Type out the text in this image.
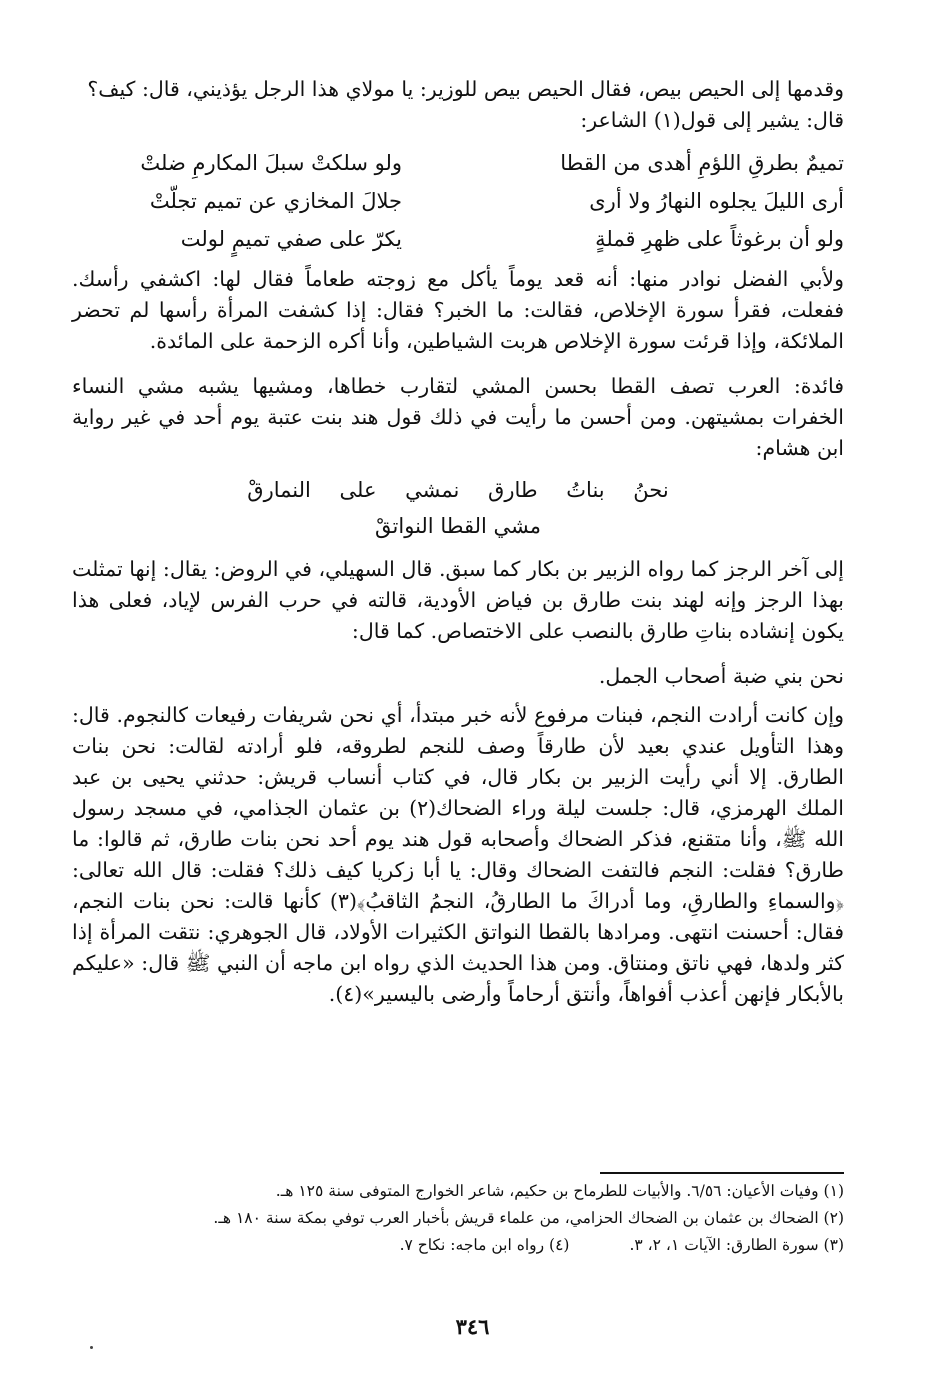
وقدمها إلى الحيص بيص، فقال الحيص بيص للوزير: يا مولاي هذا الرجل يؤذيني، قال: كيف؟

قال: يشير إلى قول(١) الشاعر:

تميمٌ بطرقِ اللؤمِ أهدى من القطا
ولو سلكتْ سبلَ المكارمِ ضلتْ
أرى الليلَ يجلوه النهارُ ولا أرى
جلالَ المخازي عن تميم تجلّتْ
ولو أن برغوثاً على ظهرِ قملةٍ
يكرّ على صفي تميمٍ لولت

ولأبي الفضل نوادر منها: أنه قعد يوماً يأكل مع زوجته طعاماً فقال لها: اكشفي رأسك. ففعلت، فقرأ سورة الإخلاص، فقالت: ما الخبر؟ فقال: إذا كشفت المرأة رأسها لم تحضر الملائكة، وإذا قرئت سورة الإخلاص هربت الشياطين، وأنا أكره الزحمة على المائدة.

فائدة: العرب تصف القطا بحسن المشي لتقارب خطاها، ومشيها يشبه مشي النساء الخفرات بمشيتهن. ومن أحسن ما رأيت في ذلك قول هند بنت عتبة يوم أحد في غير رواية ابن هشام:

نحنُ بناتُ طارق نمشي على النمارقْ
مشي القطا النواتقْ

إلى آخر الرجز كما رواه الزبير بن بكار كما سبق. قال السهيلي، في الروض: يقال: إنها تمثلت بهذا الرجز وإنه لهند بنت طارق بن فياض الأودية، قالته في حرب الفرس لإياد، فعلى هذا يكون إنشاده بناتِ طارق بالنصب على الاختصاص. كما قال:

نحن بني ضبة أصحاب الجمل.

وإن كانت أرادت النجم، فبنات مرفوع لأنه خبر مبتدأ، أي نحن شريفات رفيعات كالنجوم. قال: وهذا التأويل عندي بعيد لأن طارقاً وصف للنجم لطروقه، فلو أرادته لقالت: نحن بنات الطارق. إلا أني رأيت الزبير بن بكار قال، في كتاب أنساب قريش: حدثني يحيى بن عبد الملك الهرمزي، قال: جلست ليلة وراء الضحاك(٢) بن عثمان الجذامي، في مسجد رسول الله ﷺ، وأنا متقنع، فذكر الضحاك وأصحابه قول هند يوم أحد نحن بنات طارق، ثم قالوا: ما طارق؟ فقلت: النجم فالتفت الضحاك وقال: يا أبا زكريا كيف ذلك؟ فقلت: قال الله تعالى: ﴿والسماءِ والطارقِ، وما أدراكَ ما الطارقُ، النجمُ الثاقبُ﴾(٣) كأنها قالت: نحن بنات النجم، فقال: أحسنت انتهى. ومرادها بالقطا النواتق الكثيرات الأولاد، قال الجوهري: نتقت المرأة إذا كثر ولدها، فهي ناتق ومنتاق. ومن هذا الحديث الذي رواه ابن ماجه أن النبي ﷺ قال: «عليكم بالأبكار فإنهن أعذب أفواهاً، وأنتق أرحاماً وأرضى باليسير»(٤).

(١) وفيات الأعيان: ٦/٥٦. والأبيات للطرماح بن حكيم، شاعر الخوارج المتوفى سنة ١٢٥ هـ.
(٢) الضحاك بن عثمان بن الضحاك الحزامي، من علماء قريش بأخبار العرب توفي بمكة سنة ١٨٠ هـ.
(٣) سورة الطارق: الآيات ١، ٢، ٣.
(٤) رواه ابن ماجه: نكاح ٧.
٣٤٦
